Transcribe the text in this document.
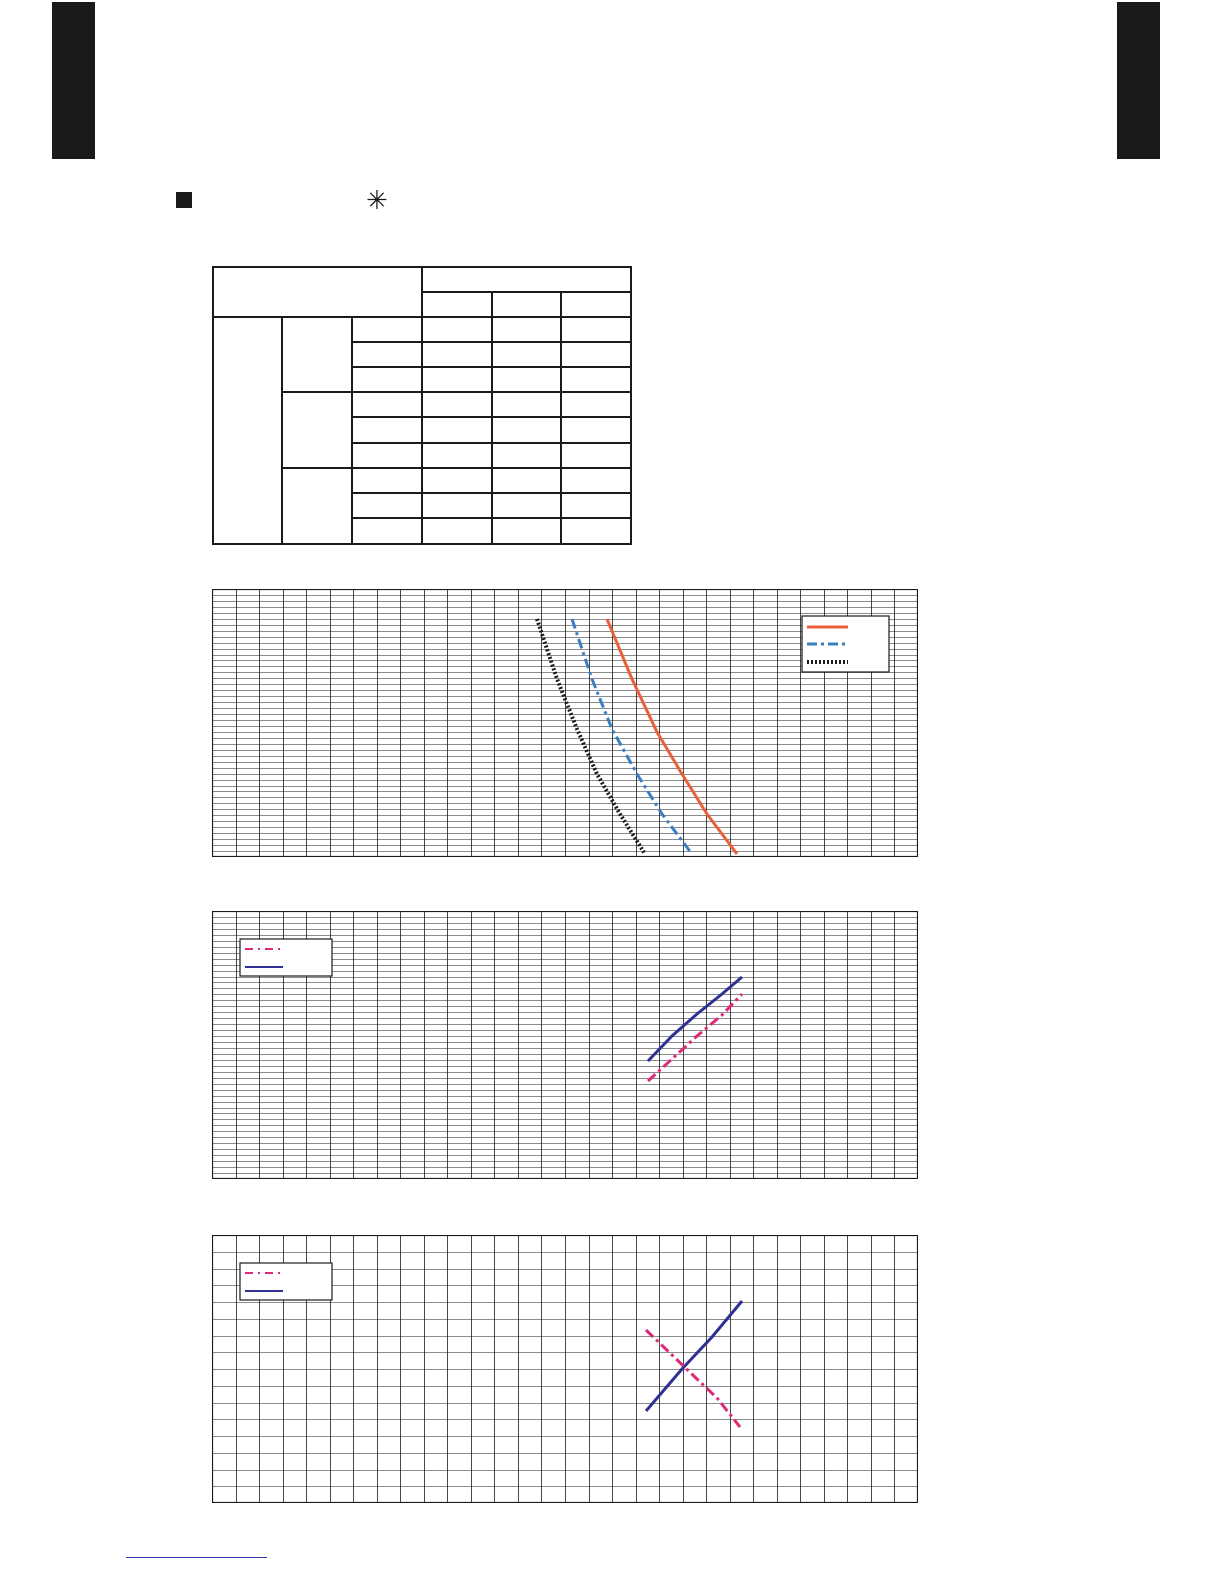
✳
